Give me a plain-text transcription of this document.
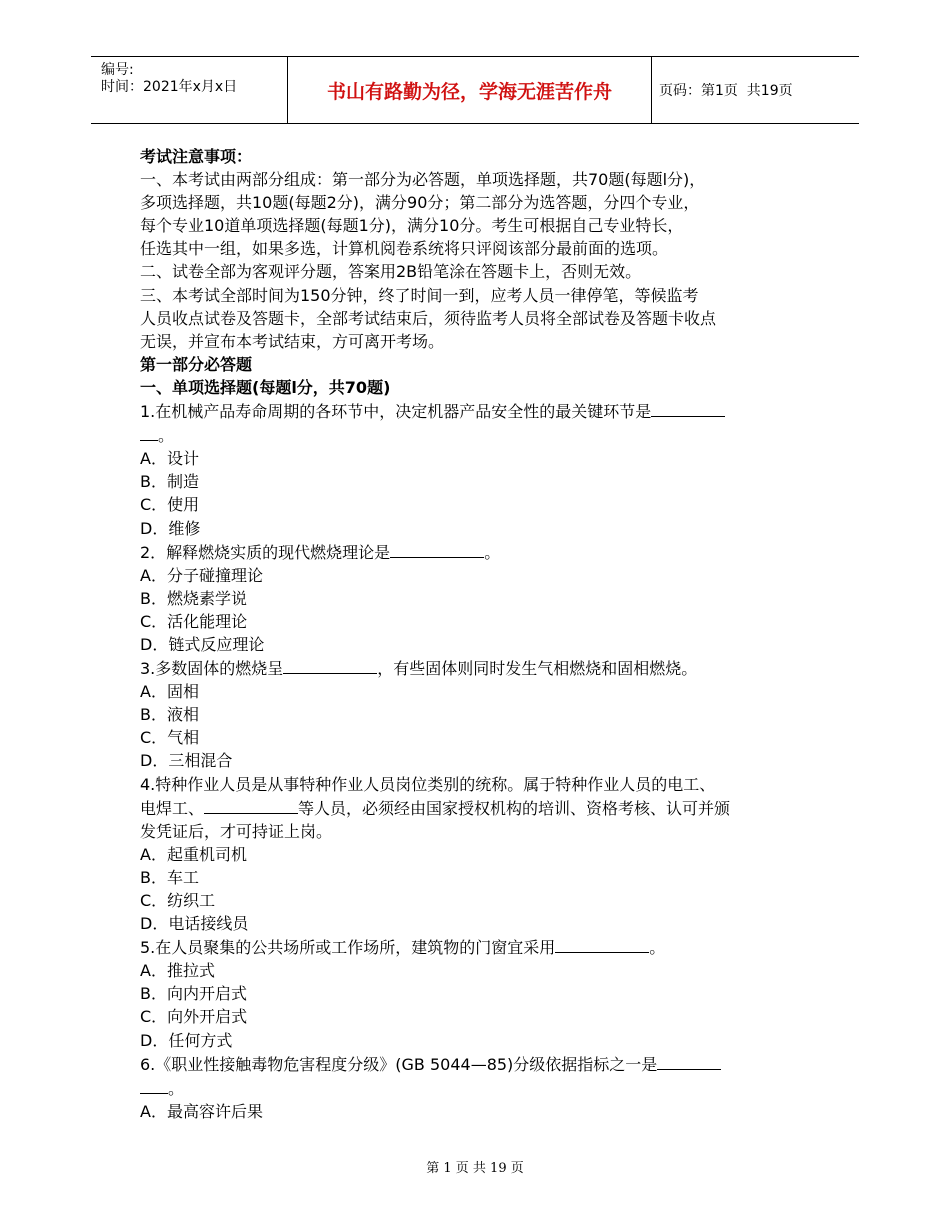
编号:
时间：2021年x月x日	书山有路勤为径，学海无涯苦作舟	页码：第1页  共19页
考试注意事项：
一、本考试由两部分组成：第一部分为必答题，单项选择题，共70题(每题l分)，
多项选择题，共10题(每题2分)，满分90分；第二部分为选答题，分四个专业，
每个专业10道单项选择题(每题1分)，满分10分。考生可根据自己专业特长，
任选其中一组，如果多选，计算机阅卷系统将只评阅该部分最前面的选项。
二、试卷全部为客观评分题，答案用2B铅笔涂在答题卡上，否则无效。
三、本考试全部时间为150分钟，终了时间一到，应考人员一律停笔，等候监考
人员收点试卷及答题卡，全部考试结束后，须待监考人员将全部试卷及答题卡收点
无误，并宣布本考试结束，方可离开考场。
第一部分必答题
一、单项选择题(每题l分，共70题)
1.在机械产品寿命周期的各环节中，决定机器产品安全性的最关键环节是
。
A．设计
B．制造
C．使用
D．维修
2．解释燃烧实质的现代燃烧理论是	。
A．分子碰撞理论
B．燃烧素学说
C．活化能理论
D．链式反应理论
3.多数固体的燃烧呈	，有些固体则同时发生气相燃烧和固相燃烧。
A．固相
B．液相
C．气相
D．三相混合
4.特种作业人员是从事特种作业人员岗位类别的统称。属于特种作业人员的电工、
电焊工、	等人员，必须经由国家授权机构的培训、资格考核、认可并颁
发凭证后，才可持证上岗。
A．起重机司机
B．车工
C．纺织工
D．电话接线员
5.在人员聚集的公共场所或工作场所，建筑物的门窗宜采用	。
A．推拉式
B．向内开启式
C．向外开启式
D．任何方式
6.《职业性接触毒物危害程度分级》(GB 5044—85)分级依据指标之一是
。
A．最高容许后果
第 1 页 共 19 页
